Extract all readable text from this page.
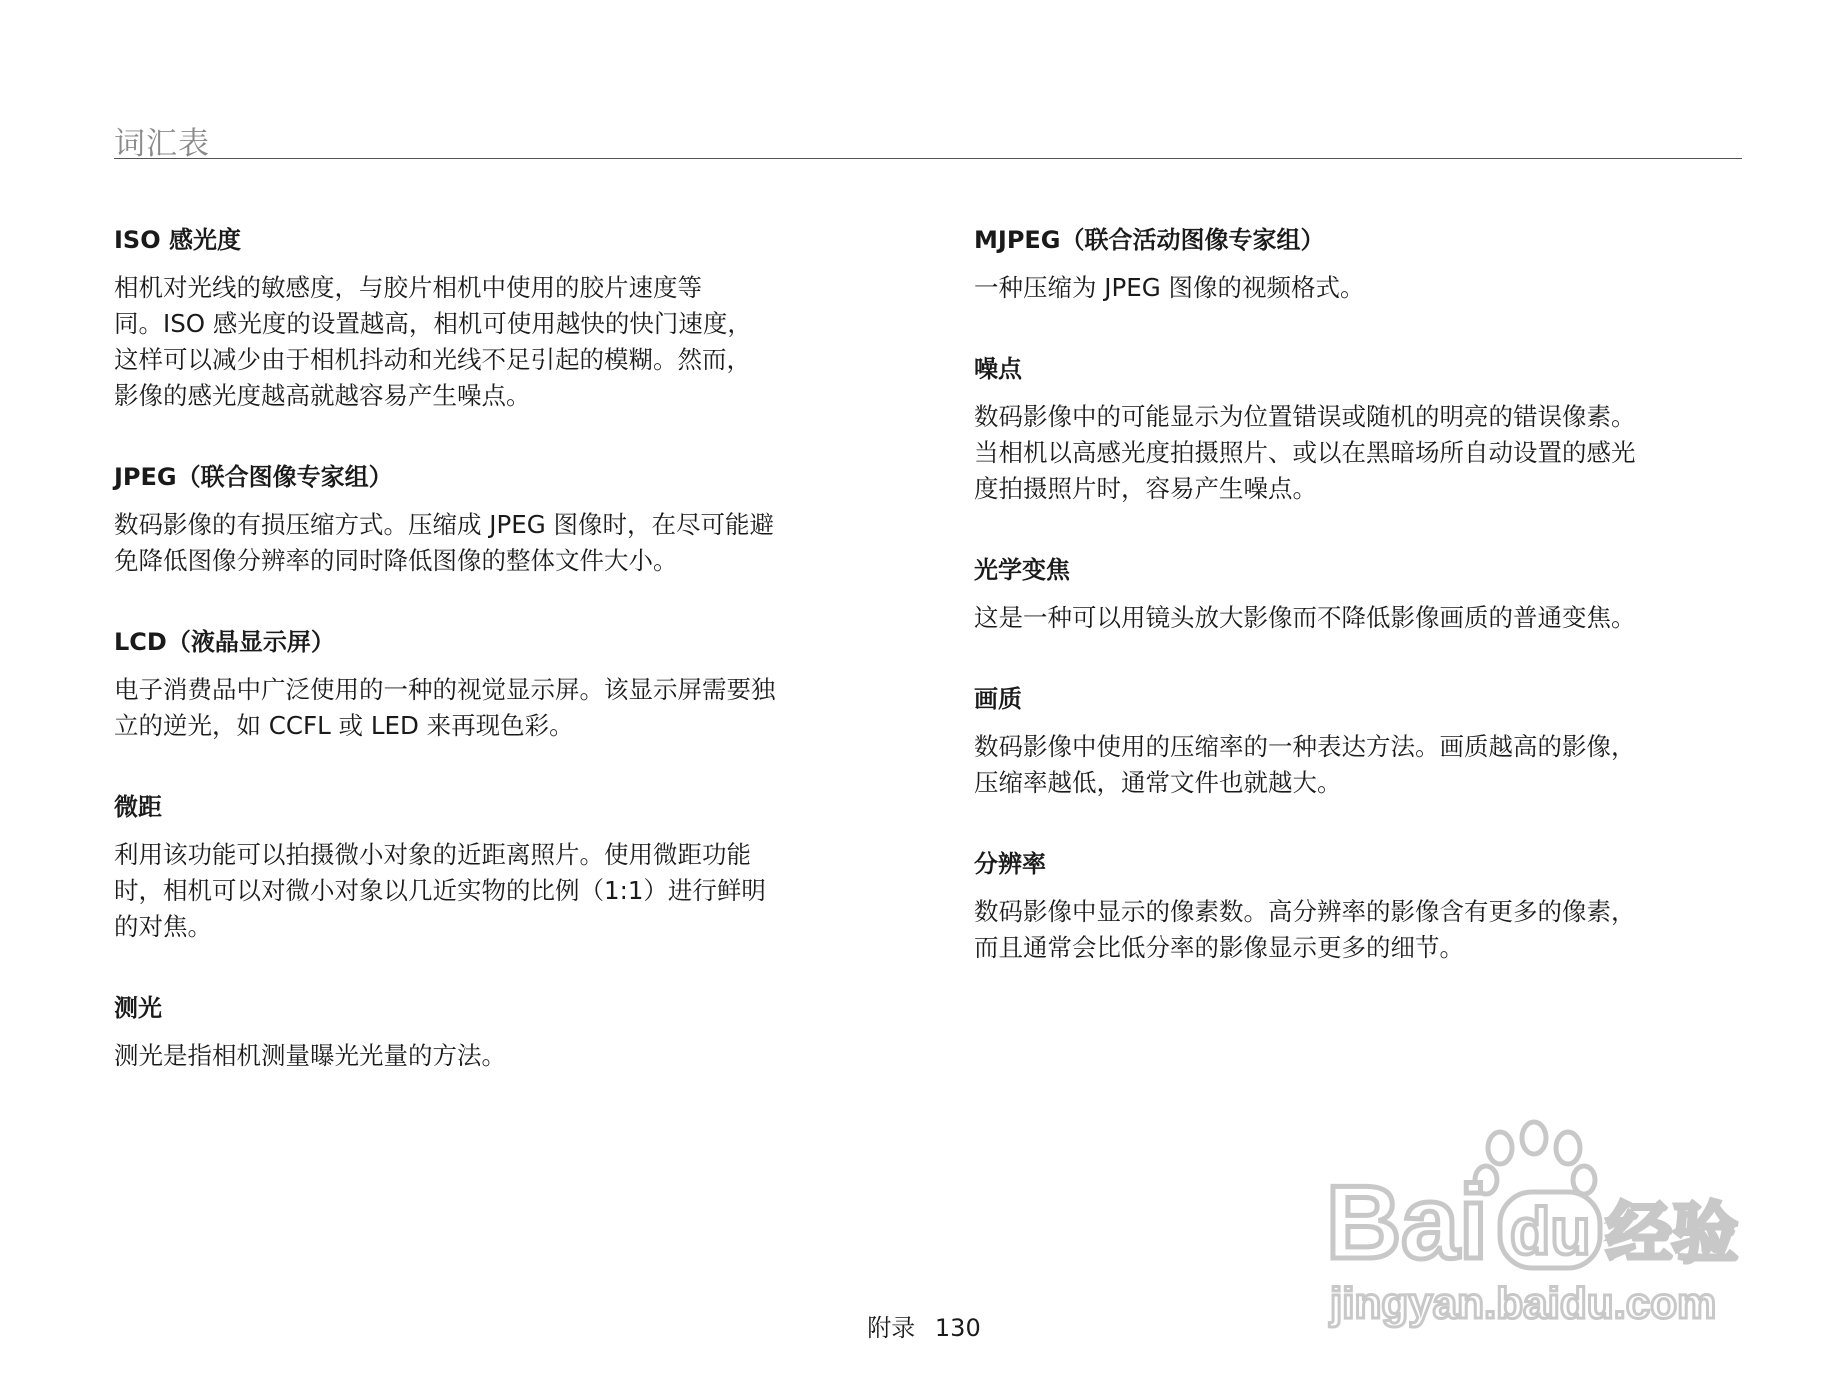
词汇表
ISO 感光度

相机对光线的敏感度，与胶片相机中使用的胶片速度等
同。ISO 感光度的设置越高，相机可使用越快的快门速度，
这样可以减少由于相机抖动和光线不足引起的模糊。然而，
影像的感光度越高就越容易产生噪点。

JPEG（联合图像专家组）

数码影像的有损压缩方式。压缩成 JPEG 图像时，在尽可能避
免降低图像分辨率的同时降低图像的整体文件大小。

LCD（液晶显示屏）

电子消费品中广泛使用的一种的视觉显示屏。该显示屏需要独
立的逆光，如 CCFL 或 LED 来再现色彩。

微距

利用该功能可以拍摄微小对象的近距离照片。使用微距功能
时，相机可以对微小对象以几近实物的比例（1:1）进行鲜明
的对焦。

测光

测光是指相机测量曝光光量的方法。

MJPEG（联合活动图像专家组）

一种压缩为 JPEG 图像的视频格式。

噪点

数码影像中的可能显示为位置错误或随机的明亮的错误像素。
当相机以高感光度拍摄照片、或以在黑暗场所自动设置的感光
度拍摄照片时，容易产生噪点。

光学变焦

这是一种可以用镜头放大影像而不降低影像画质的普通变焦。

画质

数码影像中使用的压缩率的一种表达方法。画质越高的影像，
压缩率越低，通常文件也就越大。

分辨率

数码影像中显示的像素数。高分辨率的影像含有更多的像素，
而且通常会比低分率的影像显示更多的细节。

附录 130
Bai du 经验
jingyan.baidu.com
